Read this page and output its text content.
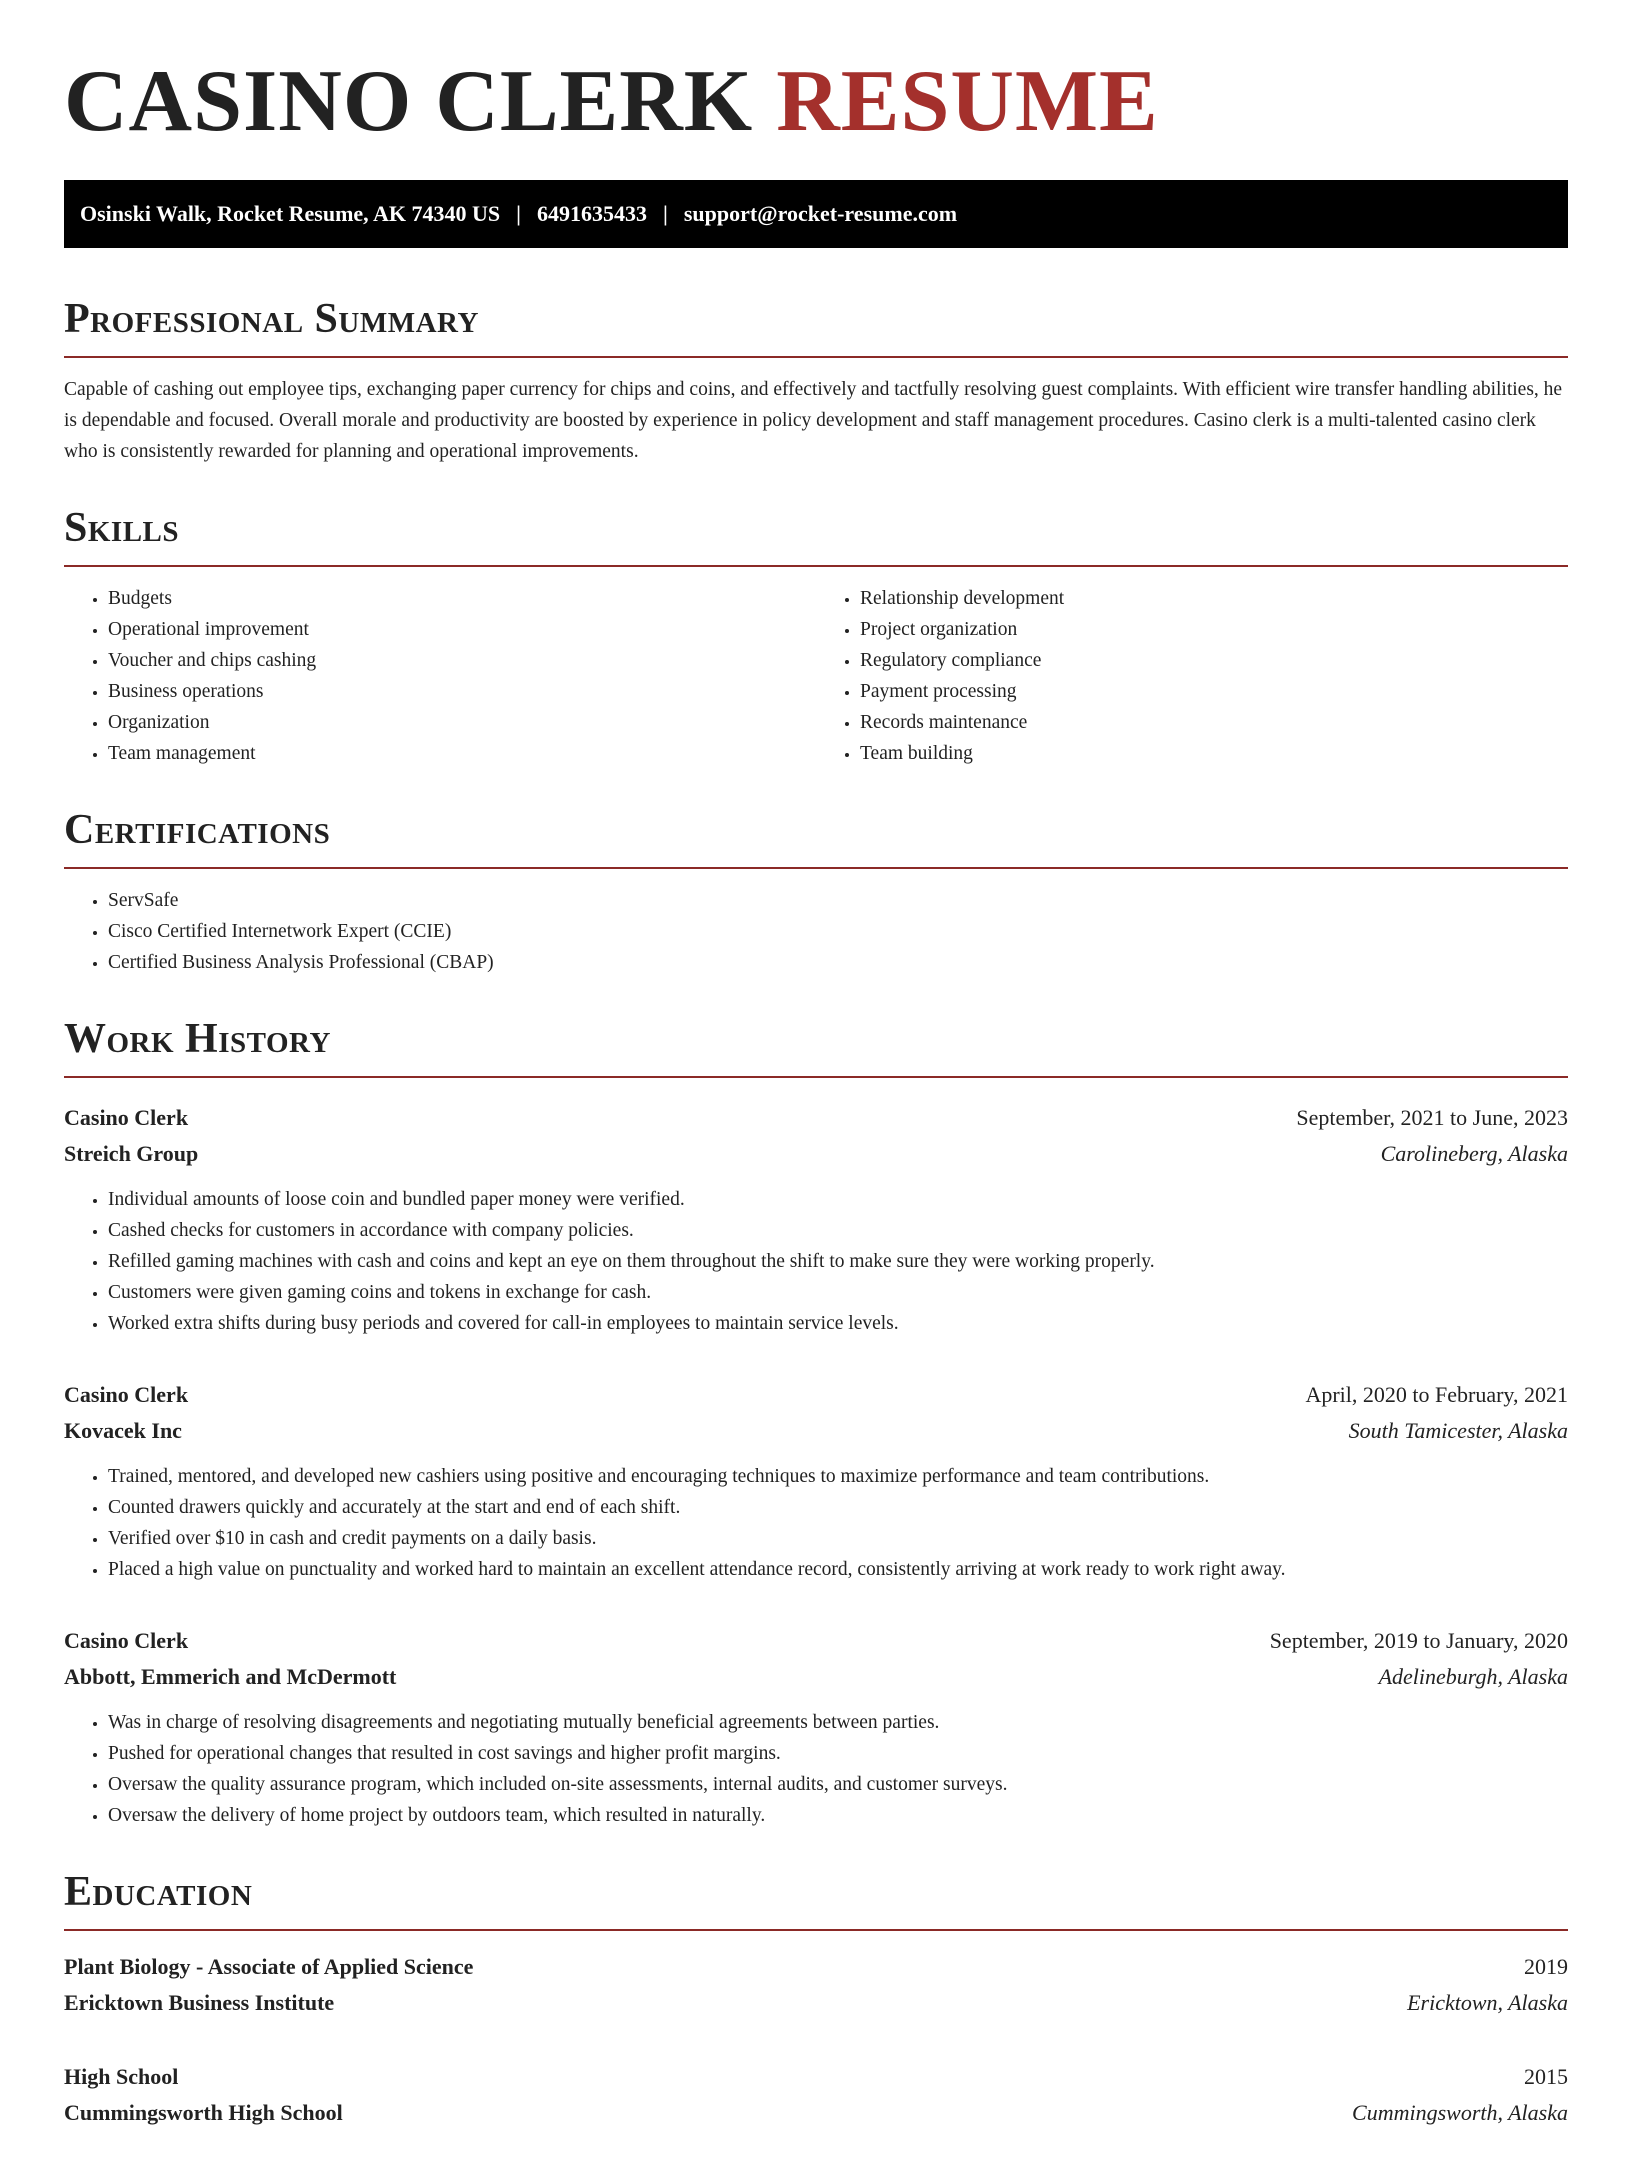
CASINO CLERK RESUME
Osinski Walk, Rocket Resume, AK 74340 US | 6491635433 | support@rocket-resume.com
Professional Summary

Capable of cashing out employee tips, exchanging paper currency for chips and coins, and effectively and tactfully resolving guest complaints. With efficient wire transfer handling abilities, he is dependable and focused. Overall morale and productivity are boosted by experience in policy development and staff management procedures. Casino clerk is a multi-talented casino clerk who is consistently rewarded for planning and operational improvements.

Skills
• Budgets
• Operational improvement
• Voucher and chips cashing
• Business operations
• Organization
• Team management
• Relationship development
• Project organization
• Regulatory compliance
• Payment processing
• Records maintenance
• Team building
Certifications
• ServSafe
• Cisco Certified Internetwork Expert (CCIE)
• Certified Business Analysis Professional (CBAP)
Work History
Casino Clerk	September, 2021 to June, 2023
Streich Group	Carolineberg, Alaska
• Individual amounts of loose coin and bundled paper money were verified.
• Cashed checks for customers in accordance with company policies.
• Refilled gaming machines with cash and coins and kept an eye on them throughout the shift to make sure they were working properly.
• Customers were given gaming coins and tokens in exchange for cash.
• Worked extra shifts during busy periods and covered for call-in employees to maintain service levels.
Casino Clerk	April, 2020 to February, 2021
Kovacek Inc	South Tamicester, Alaska
• Trained, mentored, and developed new cashiers using positive and encouraging techniques to maximize performance and team contributions.
• Counted drawers quickly and accurately at the start and end of each shift.
• Verified over $10 in cash and credit payments on a daily basis.
• Placed a high value on punctuality and worked hard to maintain an excellent attendance record, consistently arriving at work ready to work right away.
Casino Clerk	September, 2019 to January, 2020
Abbott, Emmerich and McDermott	Adelineburgh, Alaska
• Was in charge of resolving disagreements and negotiating mutually beneficial agreements between parties.
• Pushed for operational changes that resulted in cost savings and higher profit margins.
• Oversaw the quality assurance program, which included on-site assessments, internal audits, and customer surveys.
• Oversaw the delivery of home project by outdoors team, which resulted in naturally.
Education
Plant Biology - Associate of Applied Science	2019
Ericktown Business Institute	Ericktown, Alaska
High School	2015
Cummingsworth High School	Cummingsworth, Alaska
